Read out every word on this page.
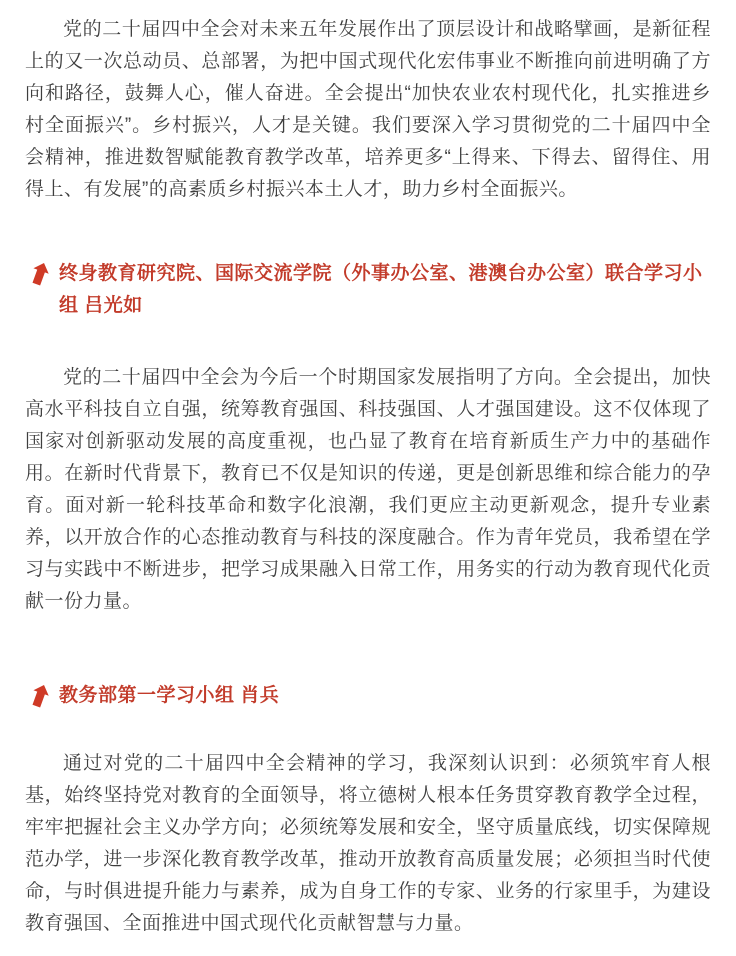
党的二十届四中全会对未来五年发展作出了顶层设计和战略擘画，是新征程上的又一次总动员、总部署，为把中国式现代化宏伟事业不断推向前进明确了方向和路径，鼓舞人心，催人奋进。全会提出“加快农业农村现代化，扎实推进乡村全面振兴”。乡村振兴，人才是关键。我们要深入学习贯彻党的二十届四中全会精神，推进数智赋能教育教学改革，培养更多“上得来、下得去、留得住、用得上、有发展”的高素质乡村振兴本土人才，助力乡村全面振兴。

终身教育研究院、国际交流学院（外事办公室、港澳台办公室）联合学习小组 吕光如

党的二十届四中全会为今后一个时期国家发展指明了方向。全会提出，加快高水平科技自立自强，统筹教育强国、科技强国、人才强国建设。这不仅体现了国家对创新驱动发展的高度重视，也凸显了教育在培育新质生产力中的基础作用。在新时代背景下，教育已不仅是知识的传递，更是创新思维和综合能力的孕育。面对新一轮科技革命和数字化浪潮，我们更应主动更新观念，提升专业素养，以开放合作的心态推动教育与科技的深度融合。作为青年党员，我希望在学习与实践中不断进步，把学习成果融入日常工作，用务实的行动为教育现代化贡献一份力量。

教务部第一学习小组 肖兵

通过对党的二十届四中全会精神的学习，我深刻认识到：必须筑牢育人根基，始终坚持党对教育的全面领导，将立德树人根本任务贯穿教育教学全过程，牢牢把握社会主义办学方向；必须统筹发展和安全，坚守质量底线，切实保障规范办学，进一步深化教育教学改革，推动开放教育高质量发展；必须担当时代使命，与时俱进提升能力与素养，成为自身工作的专家、业务的行家里手，为建设教育强国、全面推进中国式现代化贡献智慧与力量。
